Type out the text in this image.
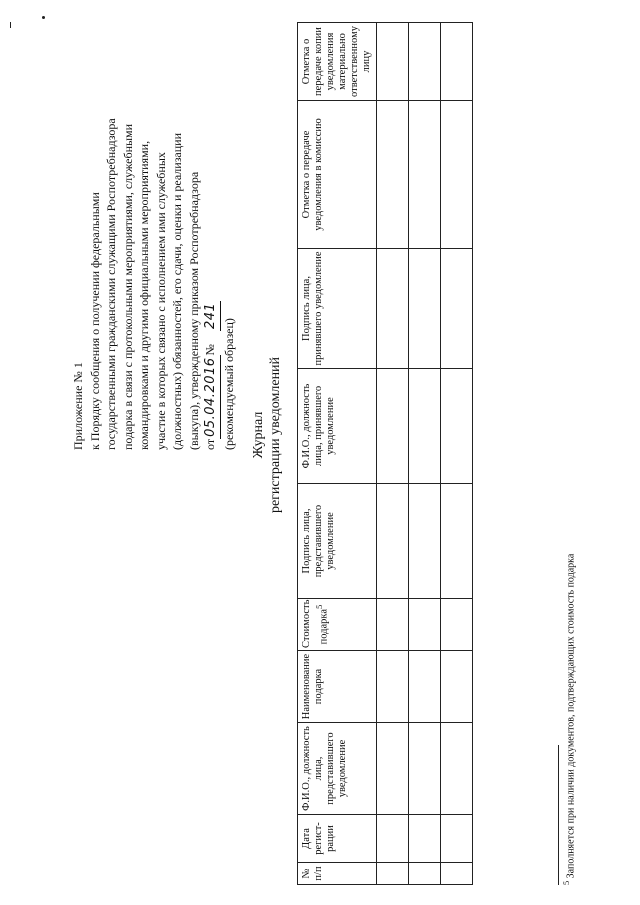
Приложение № 1 к Порядку сообщения о получении федеральными государственными гражданскими служащими Роспотребнадзора подарка в связи с протокольными мероприятиями, служебными командировками и другими официальными мероприятиями, участие в которых связано с исполнением ими служебных (должностных) обязанностей, его сдачи, оценки и реализации (выкупа), утвержденному приказом Роспотребнадзора от05.04.2016№ 241
(рекомендуемый образец) Журнал регистрации уведомлений
№ п/п	Дата регист-рации	Ф.И.О., должность лица, представившего уведомление	Наименование подарка	Стоимость подарка$^5$	Подпись лица, представившего уведомление	Ф.И.О., должность лица, принявшего уведомление	Подпись лица, принявшего уведомление	Отметка о передаче уведомления в комиссию	Отметка о передаче копии уведомления материально ответственному лицу

$^5$ Заполняется при наличии документов, подтверждающих стоимость подарка
